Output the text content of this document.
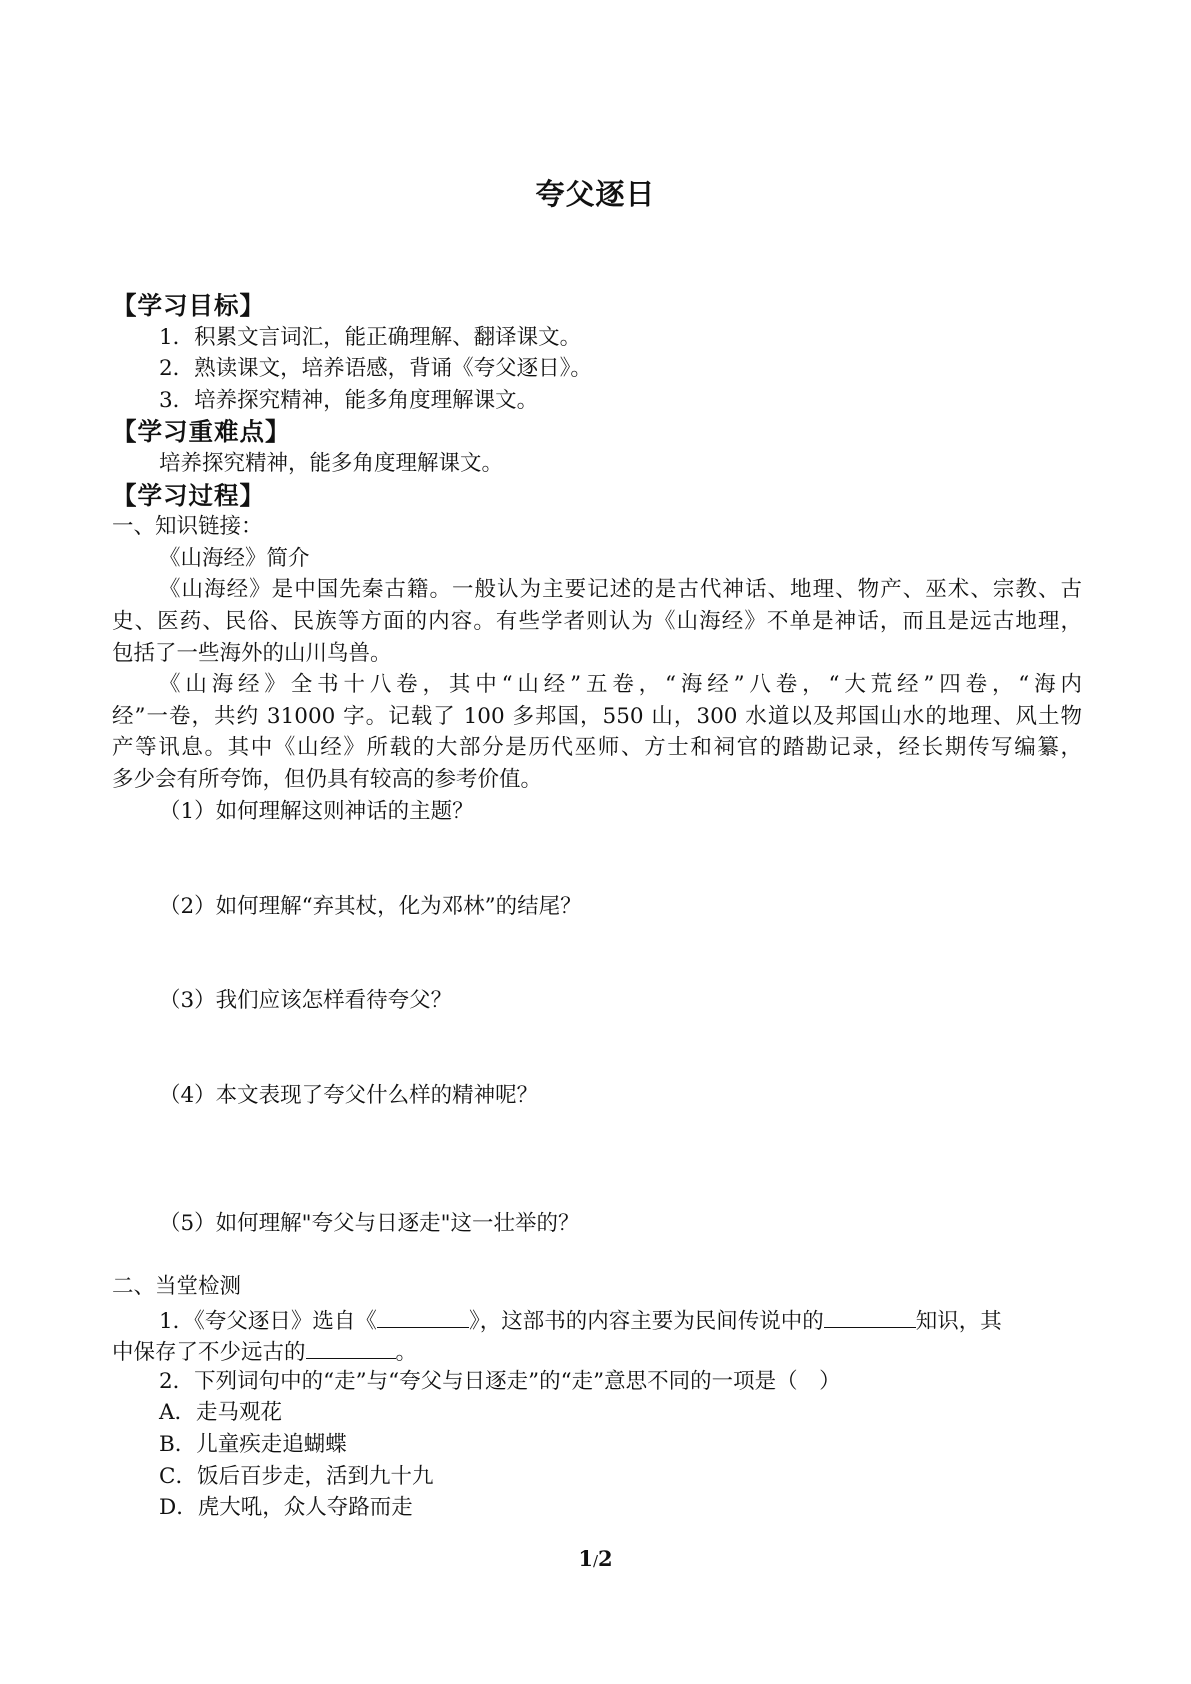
夸父逐日
【学习目标】
1．积累文言词汇，能正确理解、翻译课文。
2．熟读课文，培养语感，背诵《夸父逐日》。
3．培养探究精神，能多角度理解课文。
【学习重难点】
培养探究精神，能多角度理解课文。
【学习过程】
一、知识链接：
《山海经》简介
《山海经》是中国先秦古籍。一般认为主要记述的是古代神话、地理、物产、巫术、宗教、古
史、医药、民俗、民族等方面的内容。有些学者则认为《山海经》不单是神话，而且是远古地理，
包括了一些海外的山川鸟兽。
《山海经》全书十八卷，其中“山经”五卷，“海经”八卷，“大荒经”四卷，“海内
经”一卷，共约 31000 字。记载了 100 多邦国，550 山，300 水道以及邦国山水的地理、风土物
产等讯息。其中《山经》所载的大部分是历代巫师、方士和祠官的踏勘记录，经长期传写编纂，
多少会有所夸饰，但仍具有较高的参考价值。
（1）如何理解这则神话的主题？
（2）如何理解“弃其杖，化为邓林”的结尾？
（3）我们应该怎样看待夸父？
（4）本文表现了夸父什么样的精神呢？
（5）如何理解"夸父与日逐走"这一壮举的？
二、当堂检测
1．《夸父逐日》选自《	》，这部书的内容主要为民间传说中的	知识，其
中保存了不少远古的	。
2．下列词句中的“走”与“夸父与日逐走”的“走”意思不同的一项是（　）
A．走马观花
B．儿童疾走追蝴蝶
C．饭后百步走，活到九十九
D．虎大吼，众人夺路而走
1/2
